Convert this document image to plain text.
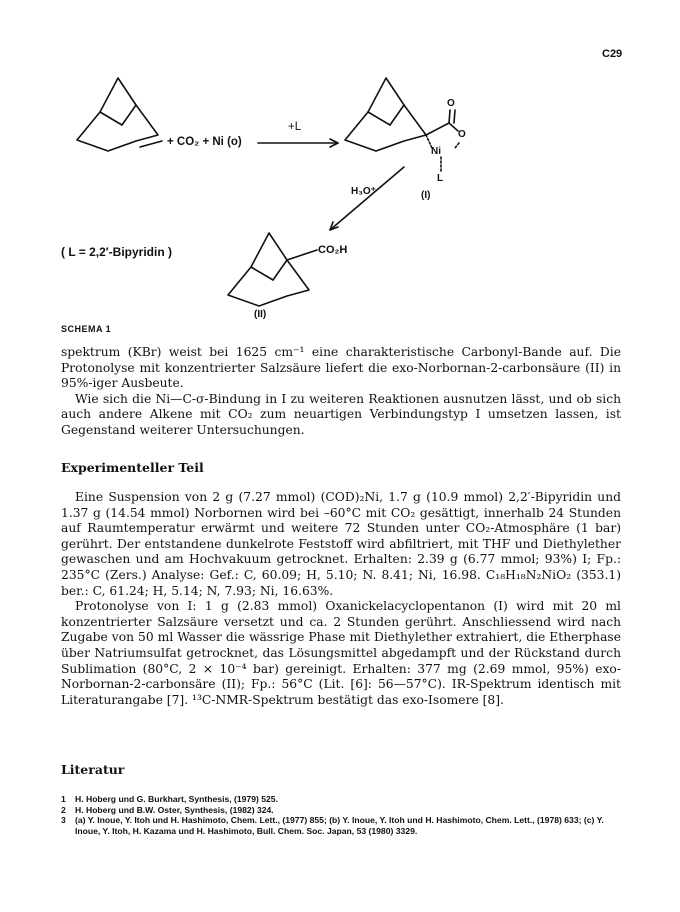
C29
+ CO₂ + Ni (o)
+L
O
O
Ni
L
(I)
H₃O⁺
( L = 2,2′-Bipyridin )	CO₂H
(II)
SCHEMA 1

spektrum (KBr) weist bei 1625 cm⁻¹ eine charakteristische Carbonyl-Bande auf. Die Protonolyse mit konzentrierter Salzsäure liefert die exo-Norbornan-2-carbonsäure (II) in 95%-iger Ausbeute.

Wie sich die Ni—C-σ-Bindung in I zu weiteren Reaktionen ausnutzen lässt, und ob sich auch andere Alkene mit CO₂ zum neuartigen Verbindungstyp I umsetzen lassen, ist Gegenstand weiterer Untersuchungen.

Experimenteller Teil

Eine Suspension von 2 g (7.27 mmol) (COD)₂Ni, 1.7 g (10.9 mmol) 2,2′-Bipyridin und 1.37 g (14.54 mmol) Norbornen wird bei –60°C mit CO₂ gesättigt, innerhalb 24 Stunden auf Raumtemperatur erwärmt und weitere 72 Stunden unter CO₂-Atmosphäre (1 bar) gerührt. Der entstandene dunkelrote Feststoff wird abfiltriert, mit THF und Diethylether gewaschen und am Hochvakuum getrocknet. Erhalten: 2.39 g (6.77 mmol; 93%) I; Fp.: 235°C (Zers.) Analyse: Gef.: C, 60.09; H, 5.10; N. 8.41; Ni, 16.98. C₁₈H₁₈N₂NiO₂ (353.1) ber.: C, 61.24; H, 5.14; N, 7.93; Ni, 16.63%.

Protonolyse von I: 1 g (2.83 mmol) Oxanickelacyclopentanon (I) wird mit 20 ml konzentrierter Salzsäure versetzt und ca. 2 Stunden gerührt. Anschliessend wird nach Zugabe von 50 ml Wasser die wässrige Phase mit Diethylether extrahiert, die Etherphase über Natriumsulfat getrocknet, das Lösungsmittel abgedampft und der Rückstand durch Sublimation (80°C, 2 × 10⁻⁴ bar) gereinigt. Erhalten: 377 mg (2.69 mmol, 95%) exo-Norbornan-2-carbonsäre (II); Fp.: 56°C (Lit. [6]: 56—57°C). IR-Spektrum identisch mit Literaturangabe [7]. ¹³C-NMR-Spektrum bestätigt das exo-Isomere [8].

Literatur
1	H. Hoberg und G. Burkhart, Synthesis, (1979) 525.
2	H. Hoberg und B.W. Oster, Synthesis, (1982) 324.
3	(a) Y. Inoue, Y. Itoh und H. Hashimoto, Chem. Lett., (1977) 855; (b) Y. Inoue, Y. Itoh und H. Hashimoto, Chem. Lett., (1978) 633; (c) Y. Inoue, Y. Itoh, H. Kazama und H. Hashimoto, Bull. Chem. Soc. Japan, 53 (1980) 3329.
